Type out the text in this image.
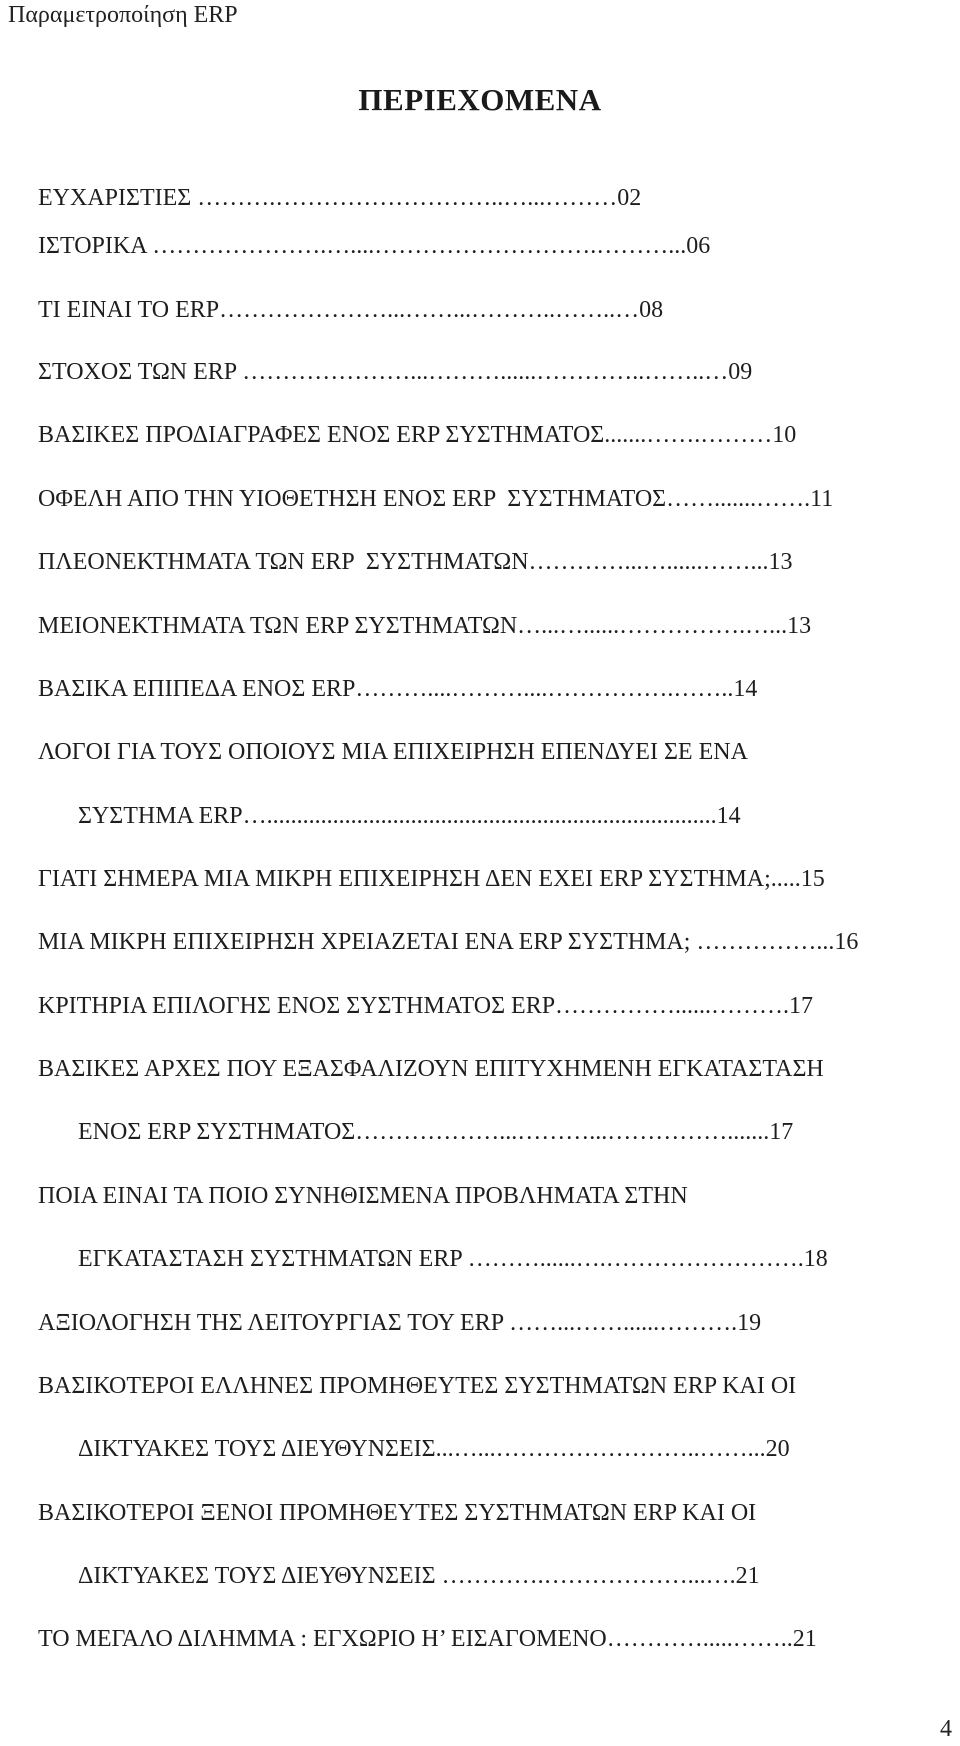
Παραμετροποίηση ERP
ΠΕΡΙΕΧΟΜΕΝΑ
ΕΥΧΑΡΙΣΤΙΕΣ ……….………………………..…...………02
ΙΣΤΟΡΙΚΑ ………………….…....……………………….………...06
ΤΙ ΕΙΝΑΙ ΤΟ ERP…………………...……...………..……..…08
ΣΤΟΧΟΣ ΤΩΝ ERP …………………...………......…………..……..…09
ΒΑΣΙΚΕΣ ΠΡΟΔΙΑΓΡΑΦΕΣ ΕΝΟΣ ERP ΣΥΣΤΗΜΑΤΟΣ.......…….………10
ΟΦΕΛΗ ΑΠΟ ΤΗΝ ΥΙΟΘΕΤΗΣΗ ΕΝΟΣ ERP  ΣΥΣΤΗΜΑΤΟΣ…….......…….11
ΠΛΕΟΝΕΚΤΗΜΑΤΑ ΤΩΝ ERP  ΣΥΣΤΗΜΑΤΩΝ…………...…......……...13
ΜΕΙΟΝΕΚΤΗΜΑΤΑ ΤΩΝ ERP ΣΥΣΤΗΜΑΤΩΝ…...…......…………….…...13
ΒΑΣΙΚΑ ΕΠΙΠΕΔΑ ΕΝΟΣ ERP………....………....…………….……..14
ΛΟΓΟΙ ΓΙΑ ΤΟΥΣ ΟΠΟΙΟΥΣ ΜΙΑ ΕΠΙΧΕΙΡΗΣΗ ΕΠΕΝΔΥΕΙ ΣΕ ΕΝΑ
ΣΥΣΤΗΜΑ ERP…...........................................................................14
ΓΙΑΤΙ ΣΗΜΕΡΑ ΜΙΑ ΜΙΚΡΗ ΕΠΙΧΕΙΡΗΣΗ ΔΕΝ ΕΧΕΙ ERP ΣΥΣΤΗΜΑ;.....15
ΜΙΑ ΜΙΚΡΗ ΕΠΙΧΕΙΡΗΣΗ ΧΡΕΙΑΖΕΤΑΙ ΕΝΑ ERP ΣΥΣΤΗΜΑ; ……………...16
ΚΡΙΤΗΡΙΑ ΕΠΙΛΟΓΗΣ ΕΝΟΣ ΣΥΣΤΗΜΑΤΟΣ ERP……………......……….17
ΒΑΣΙΚΕΣ ΑΡΧΕΣ ΠΟΥ ΕΞΑΣΦΑΛΙΖΟΥΝ ΕΠΙΤΥΧΗΜΕΝΗ ΕΓΚΑΤΑΣΤΑΣΗ
ΕΝΟΣ ERP ΣΥΣΤΗΜΑΤΟΣ………………...………...…………….......17
ΠΟΙΑ ΕΙΝΑΙ ΤΑ ΠΟΙΟ ΣΥΝΗΘΙΣΜΕΝΑ ΠΡΟΒΛΗΜΑΤΑ ΣΤΗΝ
ΕΓΚΑΤΑΣΤΑΣΗ ΣΥΣΤΗΜΑΤΩΝ ERP ………......….…………………….18
ΑΞΙΟΛΟΓΗΣΗ ΤΗΣ ΛΕΙΤΟΥΡΓΙΑΣ ΤΟΥ ERP ……...……......……….19
ΒΑΣΙΚΟΤΕΡΟΙ ΕΛΛΗΝΕΣ ΠΡΟΜΗΘΕΥΤΕΣ ΣΥΣΤΗΜΑΤΩΝ ERP ΚΑΙ ΟΙ
ΔΙΚΤΥΑΚΕΣ ΤΟΥΣ ΔΙΕΥΘΥΝΣΕΙΣ...…...……………………..……...20
ΒΑΣΙΚΟΤΕΡΟΙ ΞΕΝΟΙ ΠΡΟΜΗΘΕΥΤΕΣ ΣΥΣΤΗΜΑΤΩΝ ERP ΚΑΙ ΟΙ
ΔΙΚΤΥΑΚΕΣ ΤΟΥΣ ΔΙΕΥΘΥΝΣΕΙΣ ………….………………...….21
ΤΟ ΜΕΓΑΛΟ ΔΙΛΗΜΜΑ : ΕΓΧΩΡΙΟ Η’ ΕΙΣΑΓΟΜΕΝΟ………….....……..21
4
